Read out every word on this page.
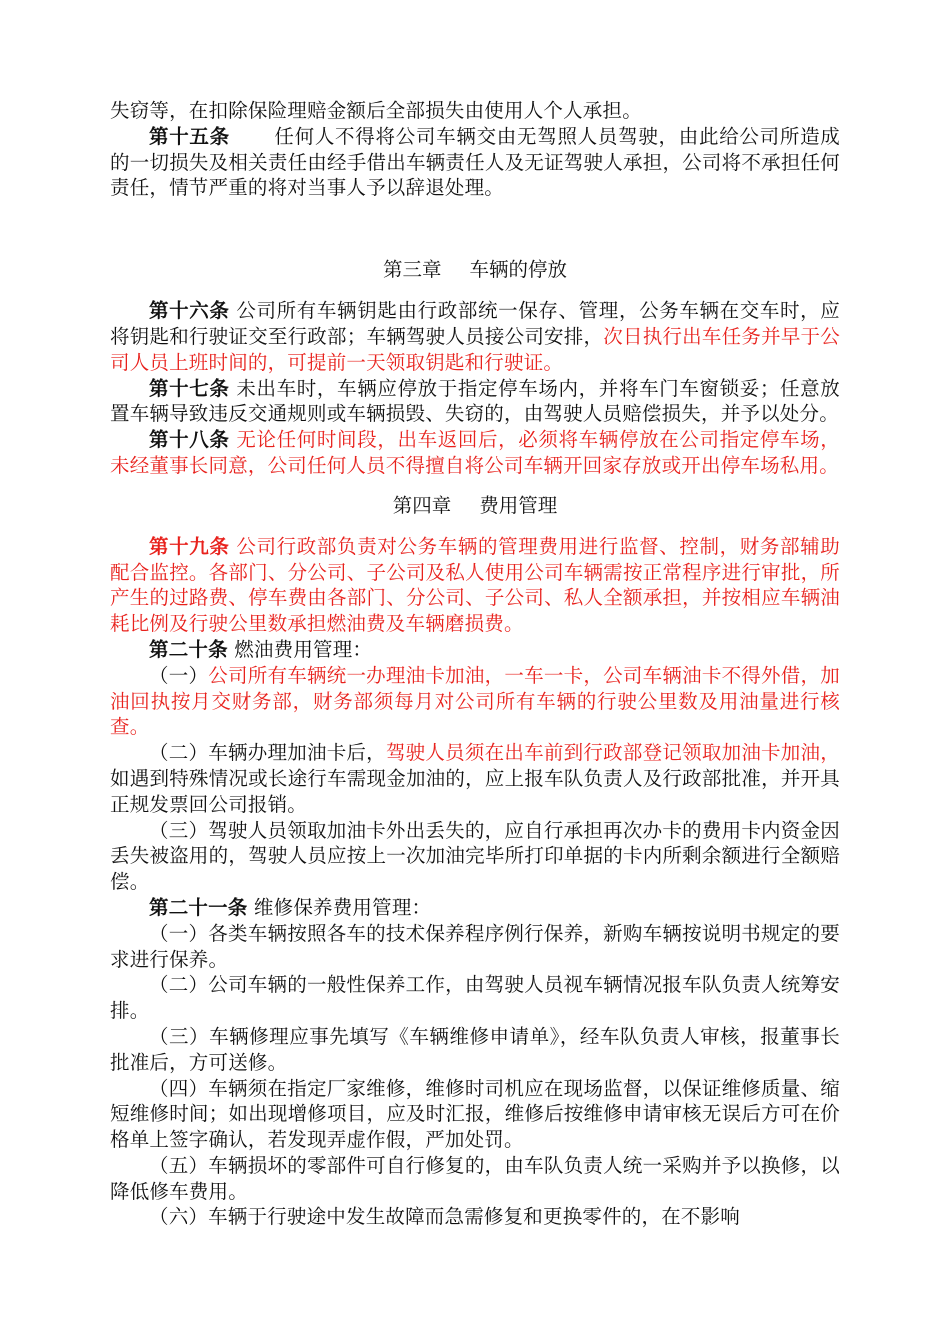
失窃等，在扣除保险理赔金额后全部损失由使用人个人承担。

第十五条 任何人不得将公司车辆交由无驾照人员驾驶，由此给公司所造成的一切损失及相关责任由经手借出车辆责任人及无证驾驶人承担，公司将不承担任何责任，情节严重的将对当事人予以辞退处理。

第三章 车辆的停放

第十六条 公司所有车辆钥匙由行政部统一保存、管理，公务车辆在交车时，应将钥匙和行驶证交至行政部；车辆驾驶人员接公司安排，次日执行出车任务并早于公司人员上班时间的，可提前一天领取钥匙和行驶证。

第十七条 未出车时，车辆应停放于指定停车场内，并将车门车窗锁妥；任意放置车辆导致违反交通规则或车辆损毁、失窃的，由驾驶人员赔偿损失，并予以处分。

第十八条 无论任何时间段，出车返回后，必须将车辆停放在公司指定停车场，未经董事长同意，公司任何人员不得擅自将公司车辆开回家存放或开出停车场私用。

第四章 费用管理

第十九条 公司行政部负责对公务车辆的管理费用进行监督、控制，财务部辅助配合监控。各部门、分公司、子公司及私人使用公司车辆需按正常程序进行审批，所产生的过路费、停车费由各部门、分公司、子公司、私人全额承担，并按相应车辆油耗比例及行驶公里数承担燃油费及车辆磨损费。

第二十条 燃油费用管理：

（一）公司所有车辆统一办理油卡加油，一车一卡，公司车辆油卡不得外借，加油回执按月交财务部，财务部须每月对公司所有车辆的行驶公里数及用油量进行核查。

（二）车辆办理加油卡后，驾驶人员须在出车前到行政部登记领取加油卡加油，如遇到特殊情况或长途行车需现金加油的，应上报车队负责人及行政部批准，并开具正规发票回公司报销。

（三）驾驶人员领取加油卡外出丢失的，应自行承担再次办卡的费用卡内资金因丢失被盗用的，驾驶人员应按上一次加油完毕所打印单据的卡内所剩余额进行全额赔偿。

第二十一条 维修保养费用管理：

（一）各类车辆按照各车的技术保养程序例行保养，新购车辆按说明书规定的要求进行保养。

（二）公司车辆的一般性保养工作，由驾驶人员视车辆情况报车队负责人统筹安排。

（三）车辆修理应事先填写《车辆维修申请单》，经车队负责人审核，报董事长批准后，方可送修。

（四）车辆须在指定厂家维修，维修时司机应在现场监督，以保证维修质量、缩短维修时间；如出现增修项目，应及时汇报，维修后按维修申请审核无误后方可在价格单上签字确认，若发现弄虚作假，严加处罚。

（五）车辆损坏的零部件可自行修复的，由车队负责人统一采购并予以换修，以降低修车费用。

（六）车辆于行驶途中发生故障而急需修复和更换零件的，在不影响
